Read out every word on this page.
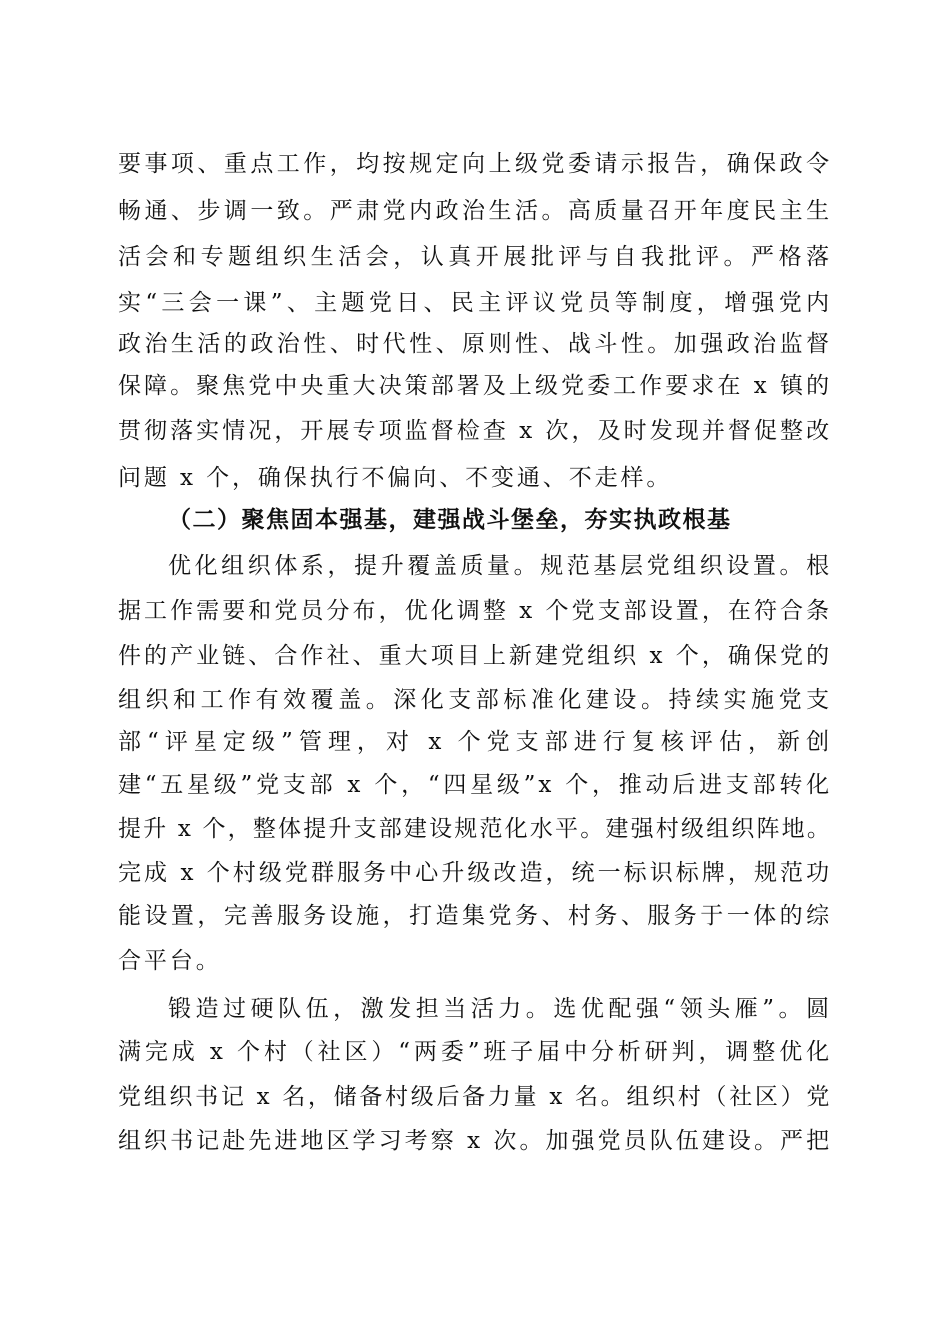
要事项、重点工作，均按规定向上级党委请示报告，确保政令
畅通、步调一致。严肃党内政治生活。高质量召开年度民主生
活会和专题组织生活会，认真开展批评与自我批评。严格落
实“三会一课”、主题党日、民主评议党员等制度，增强党内
政治生活的政治性、时代性、原则性、战斗性。加强政治监督
保障。聚焦党中央重大决策部署及上级党委工作要求在 x 镇的
贯彻落实情况，开展专项监督检查 x 次，及时发现并督促整改
问题 x 个，确保执行不偏向、不变通、不走样。
（二）聚焦固本强基，建强战斗堡垒，夯实执政根基
优化组织体系，提升覆盖质量。规范基层党组织设置。根
据工作需要和党员分布，优化调整 x 个党支部设置，在符合条
件的产业链、合作社、重大项目上新建党组织 x 个，确保党的
组织和工作有效覆盖。深化支部标准化建设。持续实施党支
部“评星定级”管理，对 x 个党支部进行复核评估，新创
建“五星级”党支部 x 个，“四星级”x 个，推动后进支部转化
提升 x 个，整体提升支部建设规范化水平。建强村级组织阵地。
完成 x 个村级党群服务中心升级改造，统一标识标牌，规范功
能设置，完善服务设施，打造集党务、村务、服务于一体的综
合平台。
锻造过硬队伍，激发担当活力。选优配强“领头雁”。圆
满完成 x 个村（社区）“两委”班子届中分析研判，调整优化
党组织书记 x 名，储备村级后备力量 x 名。组织村（社区）党
组织书记赴先进地区学习考察 x 次。加强党员队伍建设。严把
